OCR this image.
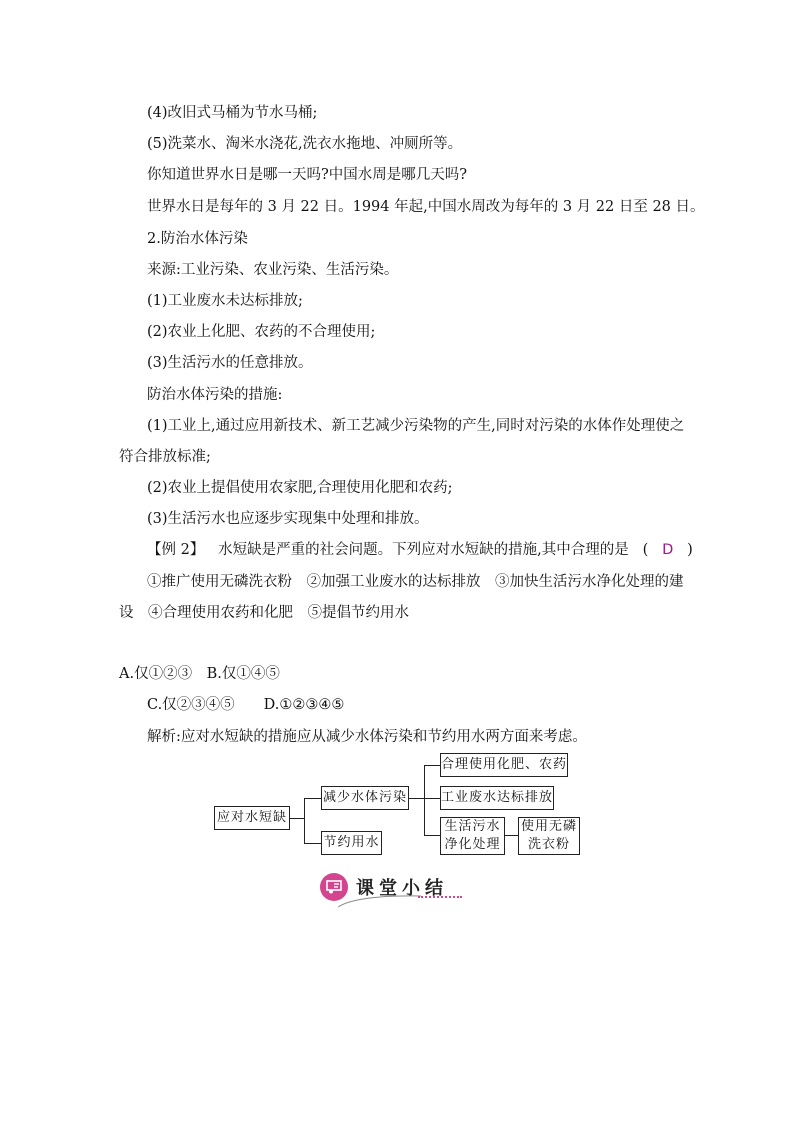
(4)改旧式马桶为节水马桶;
(5)洗菜水、淘米水浇花,洗衣水拖地、冲厕所等。
你知道世界水日是哪一天吗?中国水周是哪几天吗?
世界水日是每年的 3 月 22 日。1994 年起,中国水周改为每年的 3 月 22 日至 28 日。
2.防治水体污染
来源:工业污染、农业污染、生活污染。
(1)工业废水未达标排放;
(2)农业上化肥、农药的不合理使用;
(3)生活污水的任意排放。
防治水体污染的措施:
(1)工业上,通过应用新技术、新工艺减少污染物的产生,同时对污染的水体作处理使之
符合排放标准;
(2)农业上提倡使用农家肥,合理使用化肥和农药;
(3)生活污水也应逐步实现集中处理和排放。
【例 2】 水短缺是严重的社会问题。下列应对水短缺的措施,其中合理的是 ( D )
①推广使用无磷洗衣粉　②加强工业废水的达标排放　③加快生活污水净化处理的建
设　④合理使用农药和化肥　⑤提倡节约用水
A.仅①②③　B.仅①④⑤
C.仅②③④⑤　　D.①②③④⑤
解析:应对水短缺的措施应从减少水体污染和节约用水两方面来考虑。
应对水短缺
减少水体污染
节约用水
合理使用化肥、农药
工业废水达标排放
生活污水
净化处理
使用无磷
洗衣粉
课堂小结
